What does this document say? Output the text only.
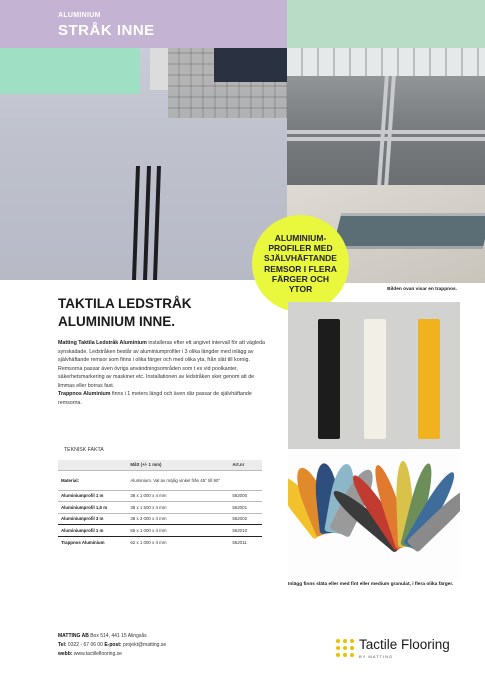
ALUMINIUM
STRÅK INNE
ALUMINIUM-PROFILER MED SJÄLVHÄFTANDE REMSOR I FLERA FÄRGER OCH YTOR	Bilden ovan visar en trappnos.
TAKTILA LEDSTRÅK
ALUMINIUM INNE.

Matting Taktila Ledstråk Aluminium installeras efter ett angivet intervall för att vägleda synskadade. Ledstråken består av aluminiumprofiler i 3 olika längder med inlägg av självhäftande remsor som finns i olika färger och med olika yta, från slät till kornig. Remsorna passar även övrigs användningsområden som t ex vid poolkanter, säkerhetsmarkering av maskiner etc. Installationen av ledstråken sker genom att de limmas eller borras fast.

Trappnos Aluminium finns i 1 meters längd och även där passar de självhäftande remsorna.

TEKNISK FAKTA
	Mått (+/- 1 mm)	Art.nr
Material:	Aluminium. Val av möjlig vinkel från 45° till 90°	
Aluminiumprofil 1 m	38 x 1 000 x 4 mm	562000
Aluminiumprofil 1,5 m	38 x 1 500 x 4 mm	562001
Aluminiumprofil 3 m	38 x 3 000 x 4 mm	562002
Aluminiumprofil 1 m	65 x 1 000 x 4 mm	562010
Trappnos Aluminium	62 x 1 000 x 4 mm	562011
Inlägg finns släta eller med fint eller medium granulat, i flera olika färger.
MATTING AB Box 514, 441 15 Alingsås
Tel: 0322 - 67 06 00 E-post: projekt@matting.se
webb: www.tactileflooring.se
Tactile Flooring
BY MATTING
